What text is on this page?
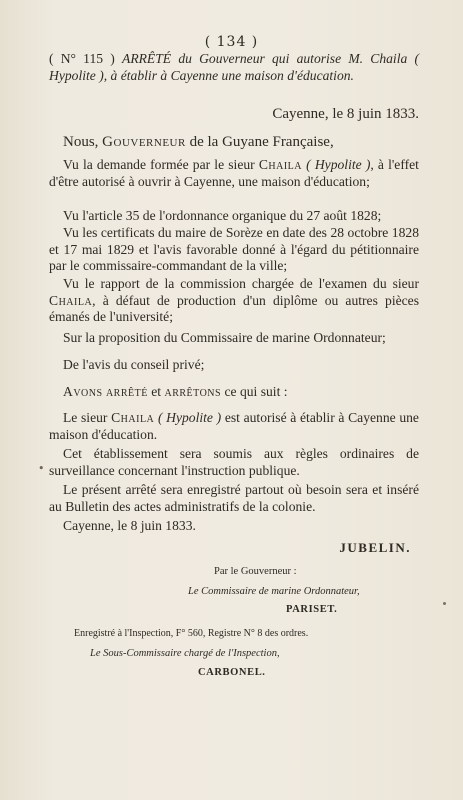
( 134 )
( N° 115 ) ARRÊTÉ du Gouverneur qui autorise M. Chaila ( Hypolite ), à établir à Cayenne une maison d'éducation.
Cayenne, le 8 juin 1833.
Nous, Gouverneur de la Guyane Française,
Vu la demande formée par le sieur Chaila ( Hypolite ), à l'effet d'être autorisé à ouvrir à Cayenne, une maison d'éducation;
Vu l'article 35 de l'ordonnance organique du 27 août 1828;
Vu les certificats du maire de Sorèze en date des 28 octobre 1828 et 17 mai 1829 et l'avis favorable donné à l'égard du pétitionnaire par le commissaire-commandant de la ville;
Vu le rapport de la commission chargée de l'examen du sieur Chaila, à défaut de production d'un diplôme ou autres pièces émanés de l'université;
Sur la proposition du Commissaire de marine Ordonnateur;
De l'avis du conseil privé;
Avons arrêté et arrêtons ce qui suit :
Le sieur Chaila ( Hypolite ) est autorisé à établir à Cayenne une maison d'éducation.
•
Cet établissement sera soumis aux règles ordinaires de surveillance concernant l'instruction publique.
Le présent arrêté sera enregistré partout où besoin sera et inséré au Bulletin des actes administratifs de la colonie.
Cayenne, le 8 juin 1833.
JUBELIN.
Par le Gouverneur :
Le Commissaire de marine Ordonnateur,
PARISET.
Enregistré à l'Inspection, F° 560, Registre N° 8 des ordres.
Le Sous-Commissaire chargé de l'Inspection,
CARBONEL.
